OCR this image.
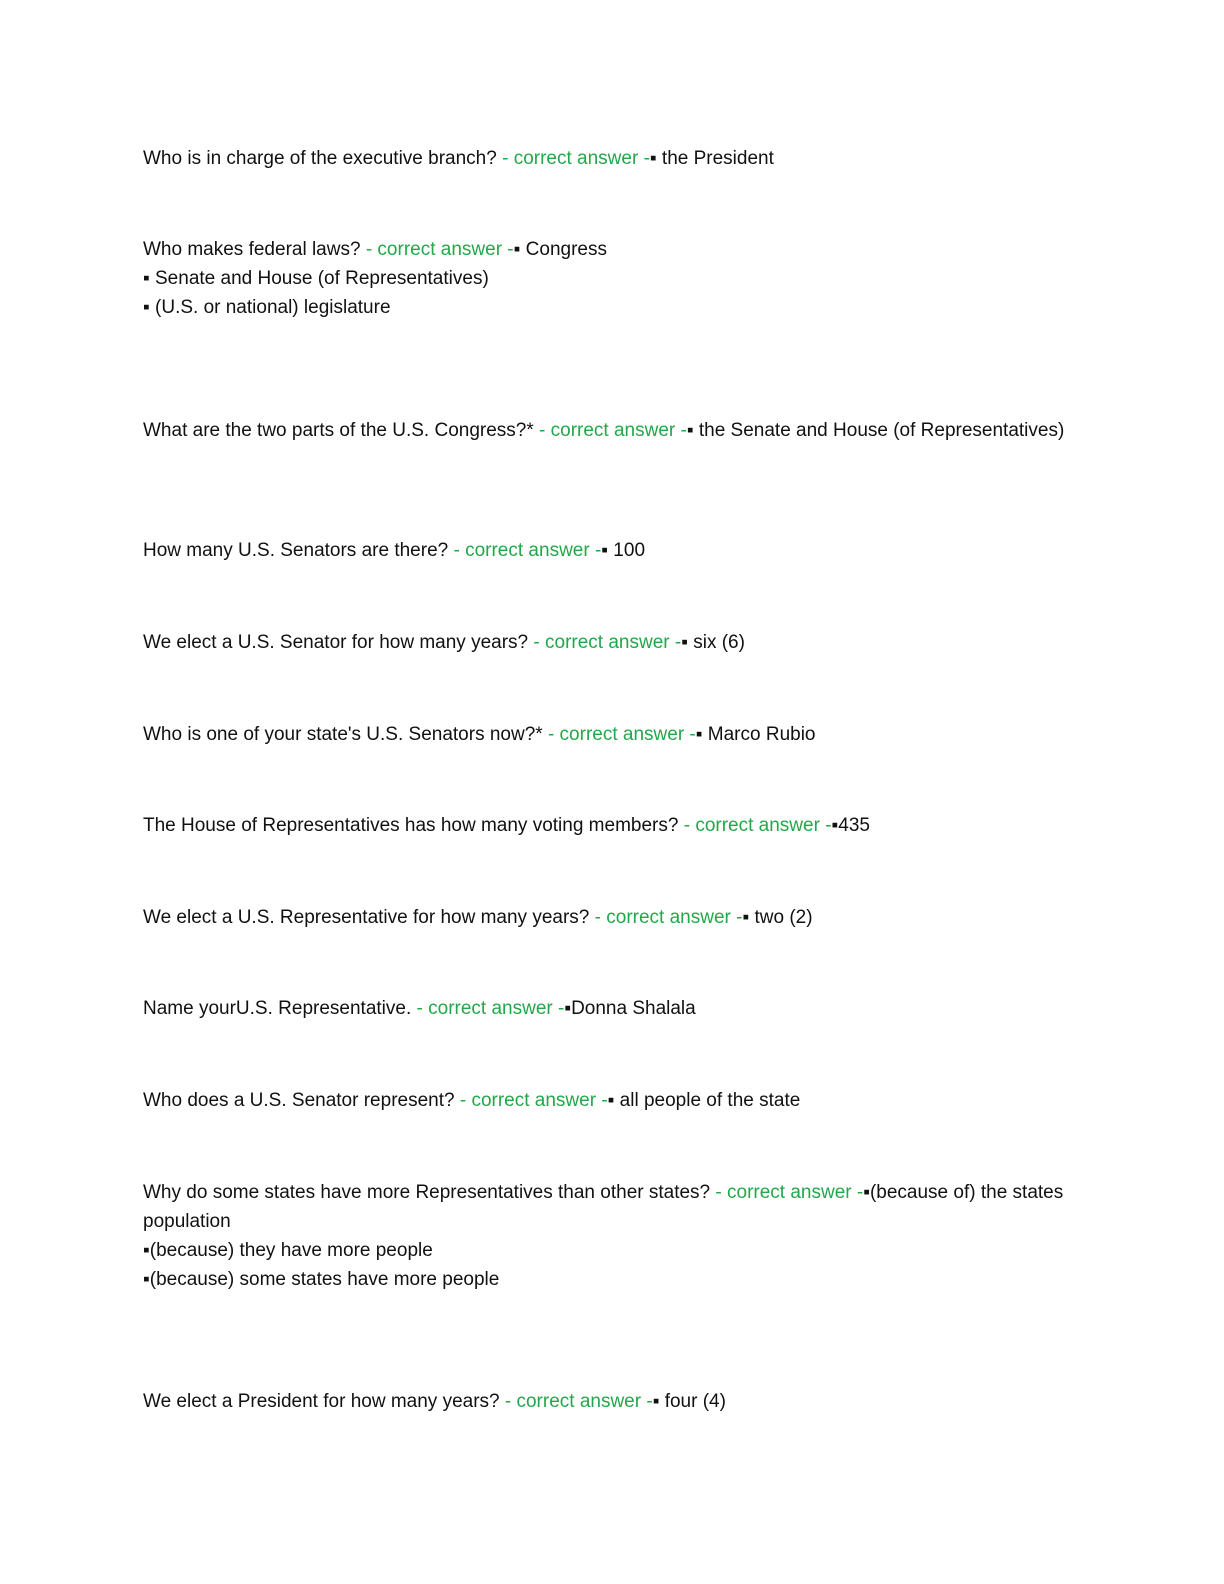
Who is in charge of the executive branch? - correct answer -▪ the President

Who makes federal laws? - correct answer -▪ Congress

▪ Senate and House (of Representatives)

▪ (U.S. or national) legislature

What are the two parts of the U.S. Congress?* - correct answer -▪ the Senate and House (of Representatives)

How many U.S. Senators are there? - correct answer -▪ 100

We elect a U.S. Senator for how many years? - correct answer -▪ six (6)

Who is one of your state's U.S. Senators now?* - correct answer -▪ Marco Rubio

The House of Representatives has how many voting members? - correct answer -▪435

We elect a U.S. Representative for how many years? - correct answer -▪ two (2)

Name yourU.S. Representative. - correct answer -▪Donna Shalala

Who does a U.S. Senator represent? - correct answer -▪ all people of the state

Why do some states have more Representatives than other states? - correct answer -▪(because of) the states population

▪(because) they have more people

▪(because) some states have more people

We elect a President for how many years? - correct answer -▪ four (4)
